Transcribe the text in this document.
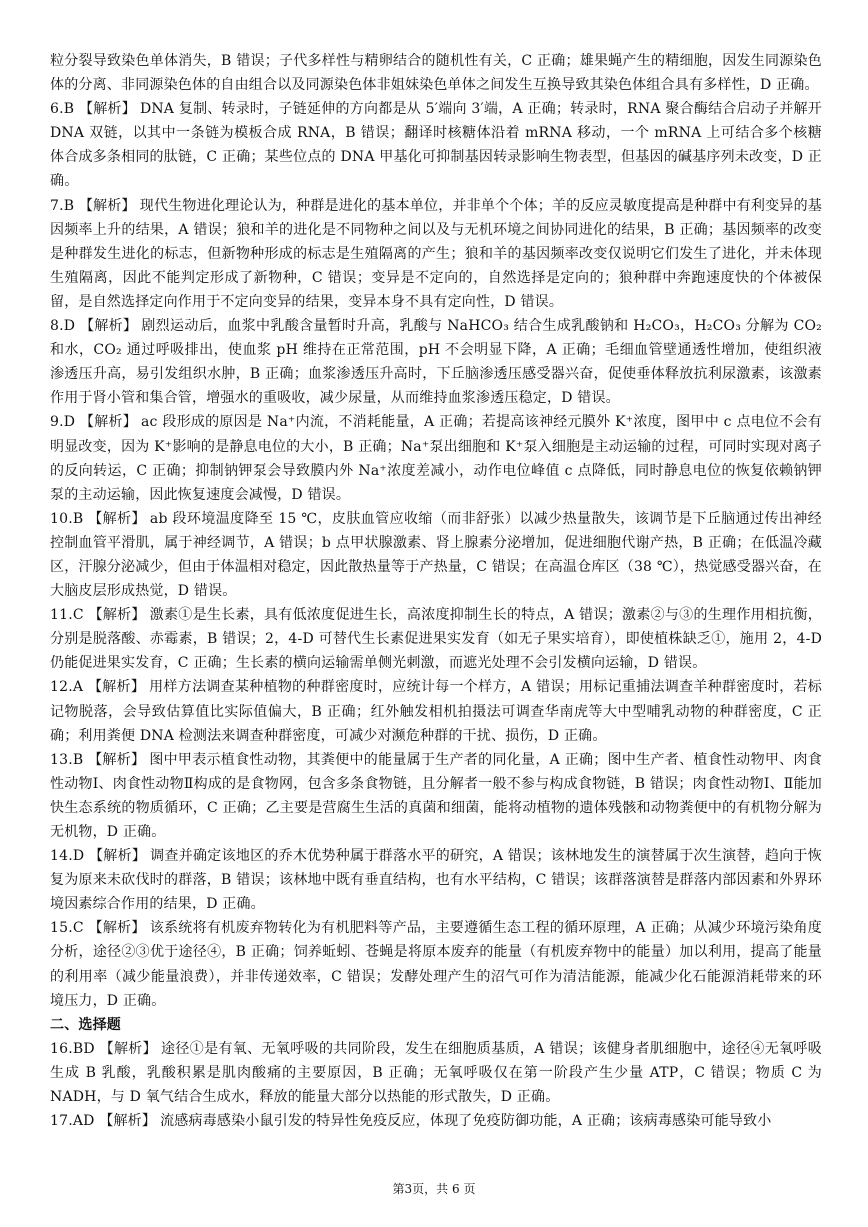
粒分裂导致染色单体消失，B 错误；子代多样性与精卵结合的随机性有关，C 正确；雄果蝇产生的精细胞，因发生同源染色体的分离、非同源染色体的自由组合以及同源染色体非姐妹染色单体之间发生互换导致其染色体组合具有多样性，D 正确。

6.B 【解析】 DNA 复制、转录时，子链延伸的方向都是从 5′端向 3′端，A 正确；转录时，RNA 聚合酶结合启动子并解开 DNA 双链，以其中一条链为模板合成 RNA，B 错误；翻译时核糖体沿着 mRNA 移动，一个 mRNA 上可结合多个核糖体合成多条相同的肽链，C 正确；某些位点的 DNA 甲基化可抑制基因转录影响生物表型，但基因的碱基序列未改变，D 正确。

7.B 【解析】 现代生物进化理论认为，种群是进化的基本单位，并非单个个体；羊的反应灵敏度提高是种群中有利变异的基因频率上升的结果，A 错误；狼和羊的进化是不同物种之间以及与无机环境之间协同进化的结果，B 正确；基因频率的改变是种群发生进化的标志，但新物种形成的标志是生殖隔离的产生；狼和羊的基因频率改变仅说明它们发生了进化，并未体现生殖隔离，因此不能判定形成了新物种，C 错误；变异是不定向的，自然选择是定向的；狼种群中奔跑速度快的个体被保留，是自然选择定向作用于不定向变异的结果，变异本身不具有定向性，D 错误。

8.D 【解析】 剧烈运动后，血浆中乳酸含量暂时升高，乳酸与 NaHCO₃ 结合生成乳酸钠和 H₂CO₃，H₂CO₃ 分解为 CO₂ 和水，CO₂ 通过呼吸排出，使血浆 pH 维持在正常范围，pH 不会明显下降，A 正确；毛细血管壁通透性增加，使组织液渗透压升高，易引发组织水肿，B 正确；血浆渗透压升高时，下丘脑渗透压感受器兴奋，促使垂体释放抗利尿激素，该激素作用于肾小管和集合管，增强水的重吸收，减少尿量，从而维持血浆渗透压稳定，D 错误。

9.D 【解析】 ac 段形成的原因是 Na⁺内流，不消耗能量，A 正确；若提高该神经元膜外 K⁺浓度，图甲中 c 点电位不会有明显改变，因为 K⁺影响的是静息电位的大小，B 正确；Na⁺泵出细胞和 K⁺泵入细胞是主动运输的过程，可同时实现对离子的反向转运，C 正确；抑制钠钾泵会导致膜内外 Na⁺浓度差减小，动作电位峰值 c 点降低，同时静息电位的恢复依赖钠钾泵的主动运输，因此恢复速度会减慢，D 错误。

10.B 【解析】 ab 段环境温度降至 15 ℃，皮肤血管应收缩（而非舒张）以减少热量散失，该调节是下丘脑通过传出神经控制血管平滑肌，属于神经调节，A 错误；b 点甲状腺激素、肾上腺素分泌增加，促进细胞代谢产热，B 正确；在低温冷藏区，汗腺分泌减少，但由于体温相对稳定，因此散热量等于产热量，C 错误；在高温仓库区（38 ℃），热觉感受器兴奋，在大脑皮层形成热觉，D 错误。

11.C 【解析】 激素①是生长素，具有低浓度促进生长，高浓度抑制生长的特点，A 错误；激素②与③的生理作用相抗衡，分别是脱落酸、赤霉素，B 错误；2，4-D 可替代生长素促进果实发育（如无子果实培育），即使植株缺乏①，施用 2，4-D 仍能促进果实发育，C 正确；生长素的横向运输需单侧光刺激，而遮光处理不会引发横向运输，D 错误。

12.A 【解析】 用样方法调查某种植物的种群密度时，应统计每一个样方，A 错误；用标记重捕法调查羊种群密度时，若标记物脱落，会导致估算值比实际值偏大，B 正确；红外触发相机拍摄法可调查华南虎等大中型哺乳动物的种群密度，C 正确；利用粪便 DNA 检测法来调查种群密度，可减少对濒危种群的干扰、损伤，D 正确。

13.B 【解析】 图中甲表示植食性动物，其粪便中的能量属于生产者的同化量，A 正确；图中生产者、植食性动物甲、肉食性动物Ⅰ、肉食性动物Ⅱ构成的是食物网，包含多条食物链，且分解者一般不参与构成食物链，B 错误；肉食性动物Ⅰ、Ⅱ能加快生态系统的物质循环，C 正确；乙主要是营腐生生活的真菌和细菌，能将动植物的遗体残骸和动物粪便中的有机物分解为无机物，D 正确。

14.D 【解析】 调查并确定该地区的乔木优势种属于群落水平的研究，A 错误；该林地发生的演替属于次生演替，趋向于恢复为原来未砍伐时的群落，B 错误；该林地中既有垂直结构，也有水平结构，C 错误；该群落演替是群落内部因素和外界环境因素综合作用的结果，D 正确。

15.C 【解析】 该系统将有机废弃物转化为有机肥料等产品，主要遵循生态工程的循环原理，A 正确；从减少环境污染角度分析，途径②③优于途径④，B 正确；饲养蚯蚓、苍蝇是将原本废弃的能量（有机废弃物中的能量）加以利用，提高了能量的利用率（减少能量浪费），并非传递效率，C 错误；发酵处理产生的沼气可作为清洁能源，能减少化石能源消耗带来的环境压力，D 正确。

二、选择题

16.BD 【解析】 途径①是有氧、无氧呼吸的共同阶段，发生在细胞质基质，A 错误；该健身者肌细胞中，途径④无氧呼吸生成 B 乳酸，乳酸积累是肌肉酸痛的主要原因，B 正确；无氧呼吸仅在第一阶段产生少量 ATP，C 错误；物质 C 为 NADH，与 D 氧气结合生成水，释放的能量大部分以热能的形式散失，D 正确。

17.AD 【解析】 流感病毒感染小鼠引发的特异性免疫反应，体现了免疫防御功能，A 正确；该病毒感染可能导致小

第3页，共 6 页
